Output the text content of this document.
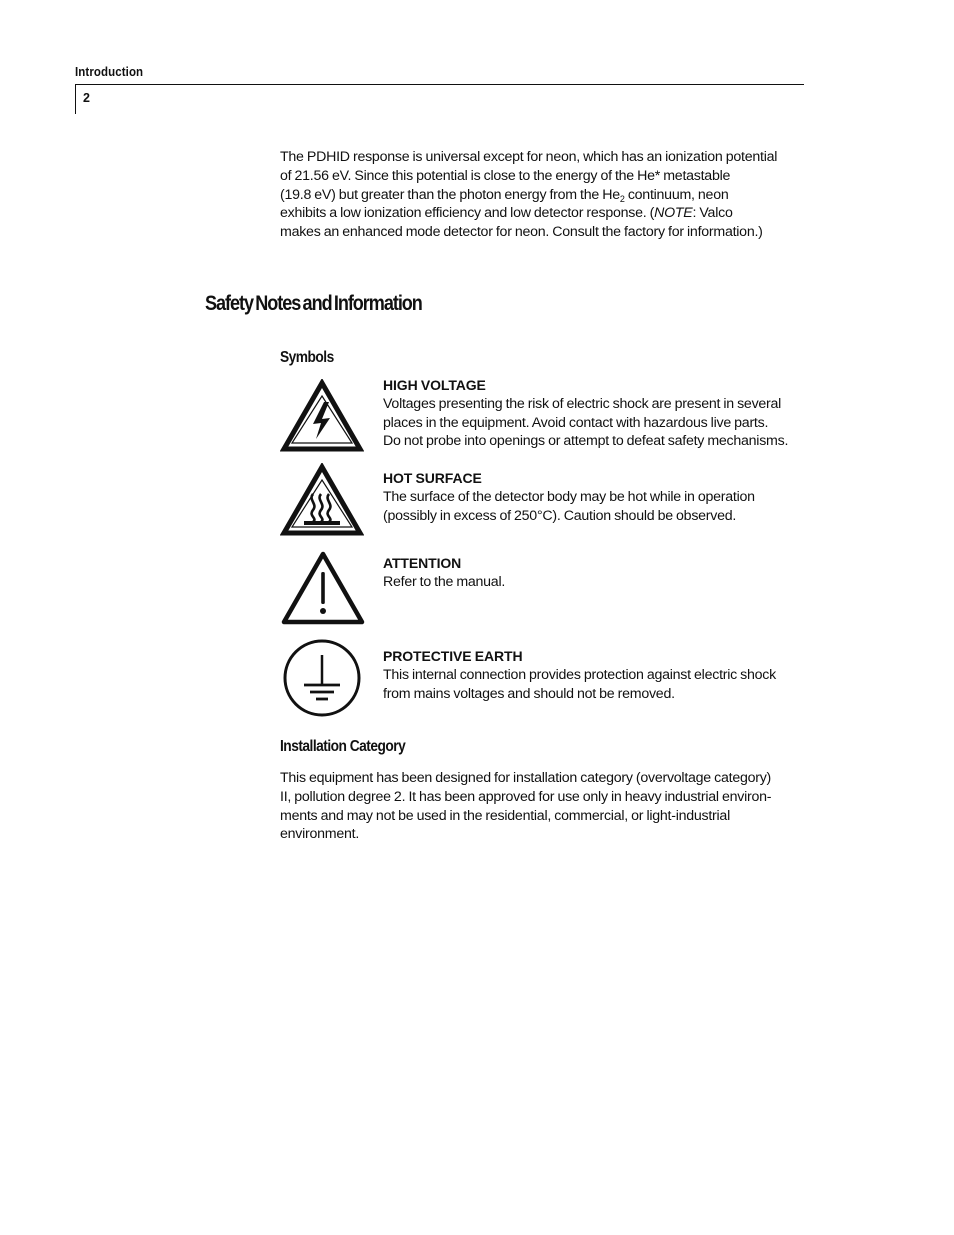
Introduction
2

The PDHID response is universal except for neon, which has an ionization potential
of 21.56 eV. Since this potential is close to the energy of the He* metastable
(19.8 eV) but greater than the photon energy from the $He_2$ continuum, neon
exhibits a low ionization efficiency and low detector response. (NOTE: Valco
makes an enhanced mode detector for neon. Consult the factory for information.)

Safety Notes and Information
Symbols
HIGH VOLTAGE
Voltages presenting the risk of electric shock are present in several
places in the equipment. Avoid contact with hazardous live parts.
Do not probe into openings or attempt to defeat safety mechanisms.
HOT SURFACE
The surface of the detector body may be hot while in operation
(possibly in excess of 250°C). Caution should be observed.
ATTENTION
Refer to the manual.
PROTECTIVE EARTH
This internal connection provides protection against electric shock
from mains voltages and should not be removed.
Installation Category

This equipment has been designed for installation category (overvoltage category)
II, pollution degree 2. It has been approved for use only in heavy industrial environ-
ments and may not be used in the residential, commercial, or light-industrial
environment.
